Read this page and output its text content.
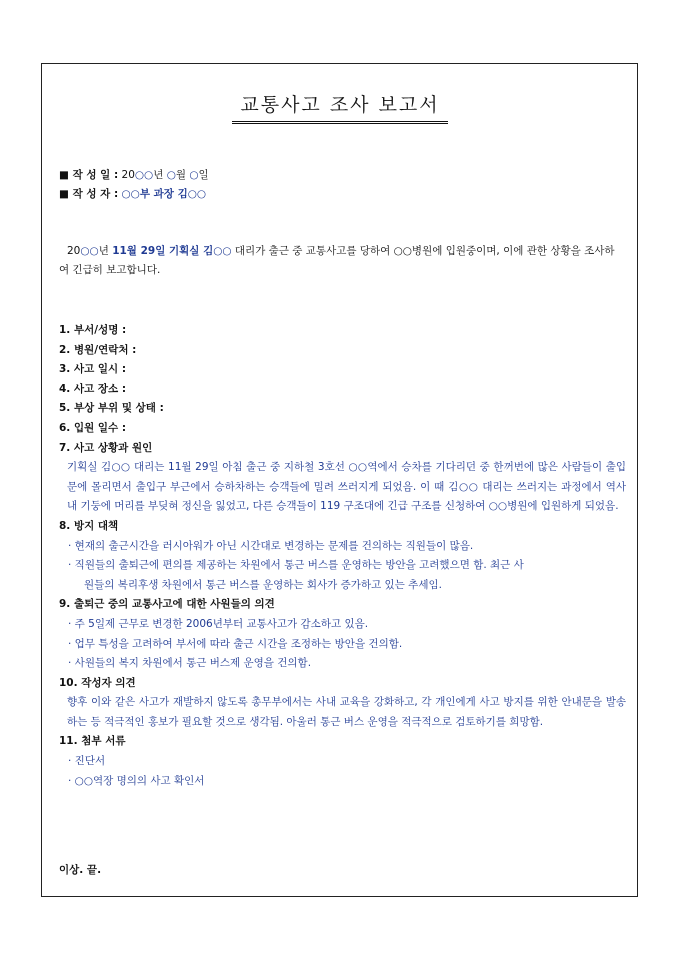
교통사고 조사 보고서
■ 작 성 일 : 20○○년 ○월 ○일
■ 작 성 자 : ○○부 과장 김○○
20○○년 11월 29일 기획실 김○○ 대리가 출근 중 교통사고를 당하여 ○○병원에 입원중이며, 이에 관한 상황을 조사하여 긴급히 보고합니다.
1. 부서/성명 :
2. 병원/연락처 :
3. 사고 일시 :
4. 사고 장소 :
5. 부상 부위 및 상태 :
6. 입원 일수 :
7. 사고 상황과 원인
기획실 김○○ 대리는 11월 29일 아침 출근 중 지하철 3호선 ○○역에서 승차를 기다리던 중 한꺼번에 많은 사람들이 출입문에 몰리면서 출입구 부근에서 승하차하는 승객들에 밀려 쓰러지게 되었음. 이 때 김○○ 대리는 쓰러지는 과정에서 역사 내 기둥에 머리를 부딪혀 정신을 잃었고, 다른 승객들이 119 구조대에 긴급 구조를 신청하여 ○○병원에 입원하게 되었음.
8. 방지 대책
· 현재의 출근시간을 러시아워가 아닌 시간대로 변경하는 문제를 건의하는 직원들이 많음.
· 직원들의 출퇴근에 편의를 제공하는 차원에서 통근 버스를 운영하는 방안을 고려했으면 함. 최근 사
원들의 복리후생 차원에서 통근 버스를 운영하는 회사가 증가하고 있는 추세임.
9. 출퇴근 중의 교통사고에 대한 사원들의 의견
· 주 5일제 근무로 변경한 2006년부터 교통사고가 감소하고 있음.
· 업무 특성을 고려하여 부서에 따라 출근 시간을 조정하는 방안을 건의함.
· 사원들의 복지 차원에서 통근 버스제 운영을 건의함.
10. 작성자 의견
향후 이와 같은 사고가 재발하지 않도록 총무부에서는 사내 교육을 강화하고, 각 개인에게 사고 방지를 위한 안내문을 발송하는 등 적극적인 홍보가 필요할 것으로 생각됨. 아울러 통근 버스 운영을 적극적으로 검토하기를 희망함.
11. 첨부 서류
· 진단서
· ○○역장 명의의 사고 확인서
이상. 끝.
